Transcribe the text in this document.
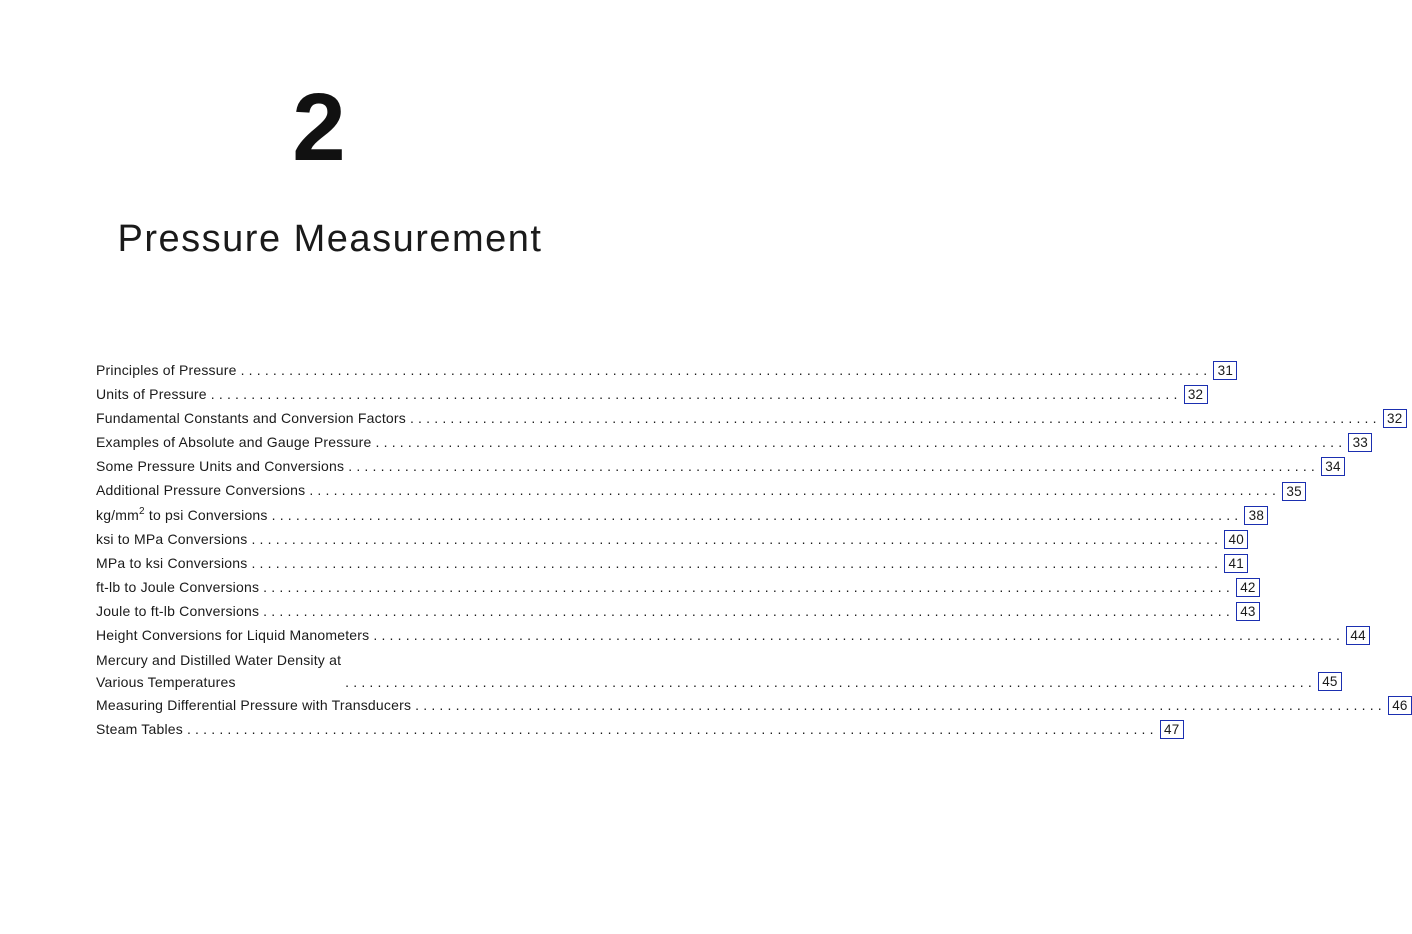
2
Pressure Measurement
Principles of Pressure ........................................................................................................................ 31
Units of Pressure ........................................................................................................................ 32
Fundamental Constants and Conversion Factors ........................................................................................................................ 32
Examples of Absolute and Gauge Pressure ........................................................................................................................ 33
Some Pressure Units and Conversions ........................................................................................................................ 34
Additional Pressure Conversions ........................................................................................................................ 35
$kg/mm^2$ to psi Conversions ........................................................................................................................ 38
ksi to MPa Conversions ........................................................................................................................ 40
MPa to ksi Conversions ........................................................................................................................ 41
ft-lb to Joule Conversions ........................................................................................................................ 42
Joule to ft-lb Conversions ........................................................................................................................ 43
Height Conversions for Liquid Manometers ........................................................................................................................ 44
Mercury and Distilled Water Density at
Various Temperatures	........................................................................................................................ 45
Measuring Differential Pressure with Transducers ........................................................................................................................ 46
Steam Tables ........................................................................................................................ 47
